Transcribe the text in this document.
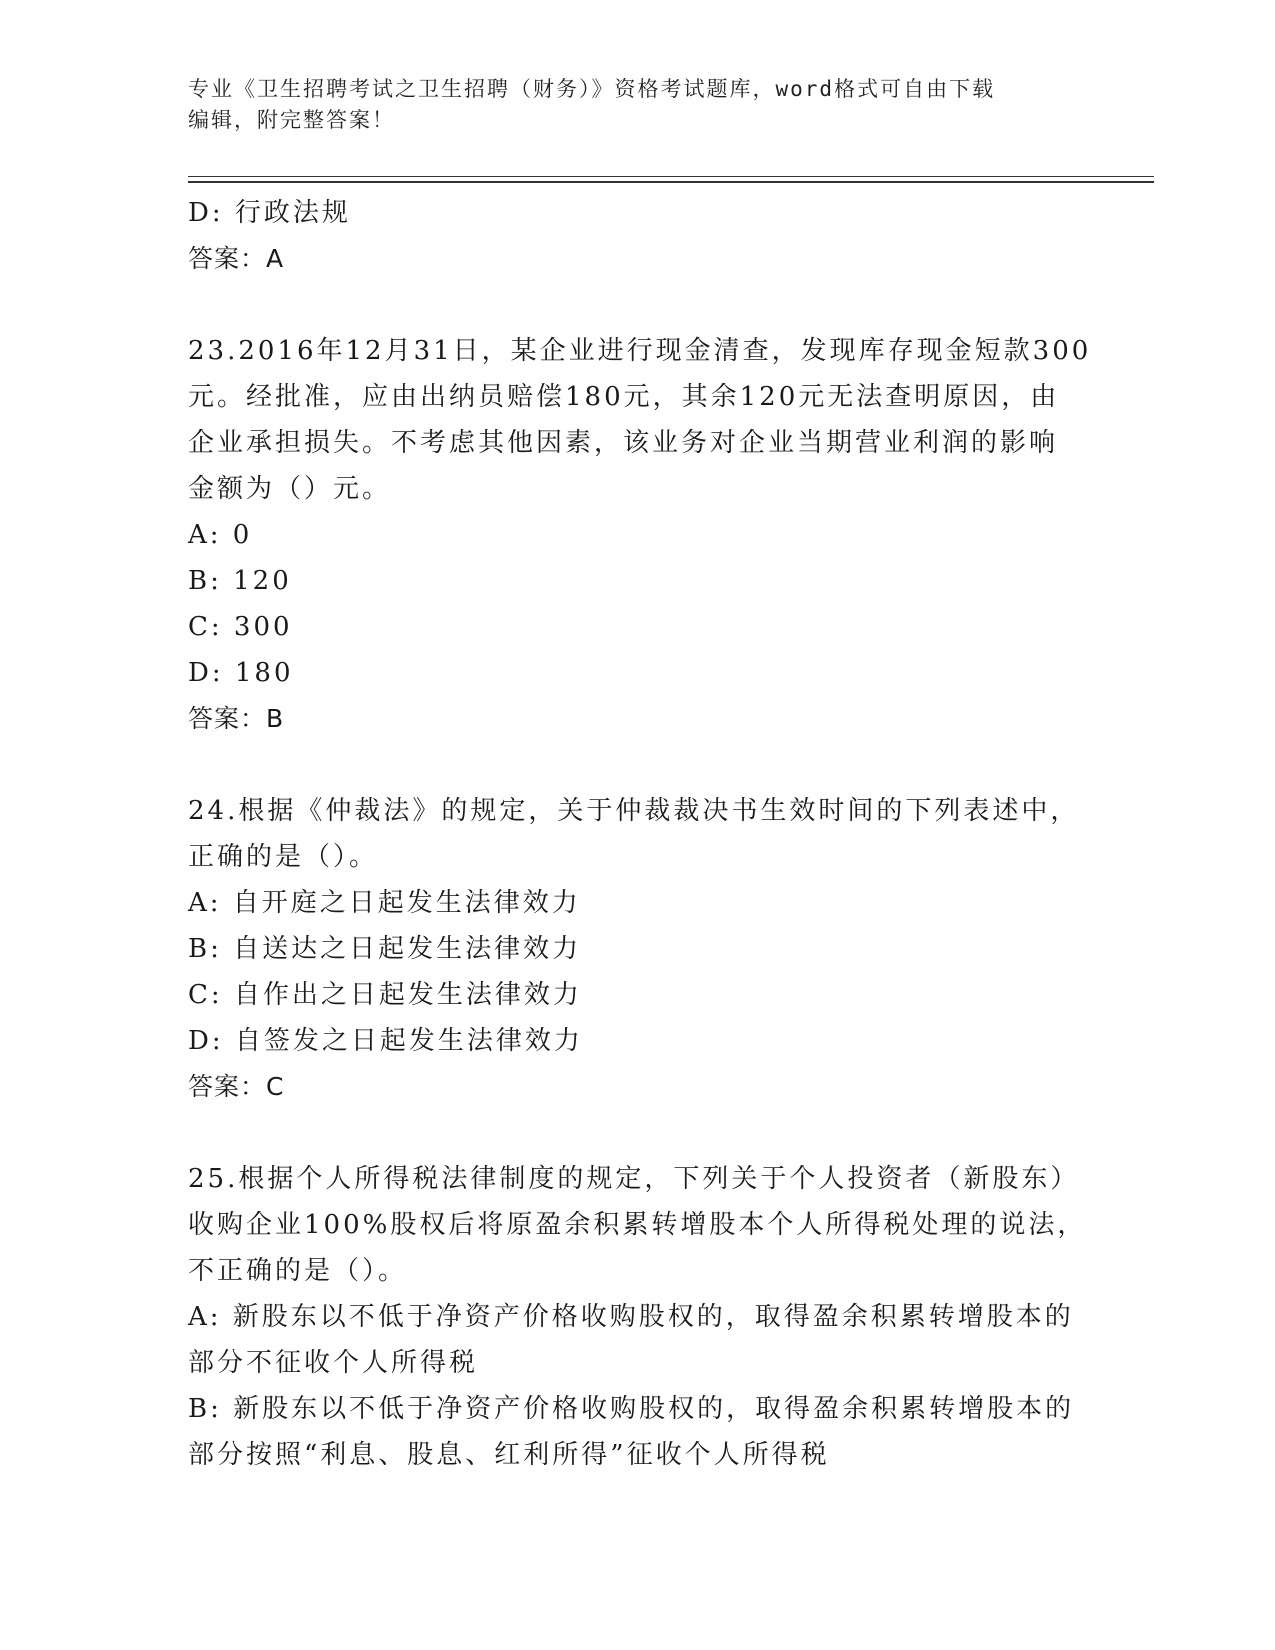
专业《卫生招聘考试之卫生招聘（财务）》资格考试题库，word格式可自由下载
编辑，附完整答案！
D: 行政法规
答案：A
23.2016年12月31日，某企业进行现金清查，发现库存现金短款300
元。经批准，应由出纳员赔偿180元，其余120元无法查明原因，由
企业承担损失。不考虑其他因素，该业务对企业当期营业利润的影响
金额为（）元。
A: 0
B: 120
C: 300
D: 180
答案：B
24.根据《仲裁法》的规定，关于仲裁裁决书生效时间的下列表述中，
正确的是（）。
A: 自开庭之日起发生法律效力
B: 自送达之日起发生法律效力
C: 自作出之日起发生法律效力
D: 自签发之日起发生法律效力
答案：C
25.根据个人所得税法律制度的规定，下列关于个人投资者（新股东）
收购企业100%股权后将原盈余积累转增股本个人所得税处理的说法，
不正确的是（）。
A: 新股东以不低于净资产价格收购股权的，取得盈余积累转增股本的
部分不征收个人所得税
B: 新股东以不低于净资产价格收购股权的，取得盈余积累转增股本的
部分按照“利息、股息、红利所得”征收个人所得税
